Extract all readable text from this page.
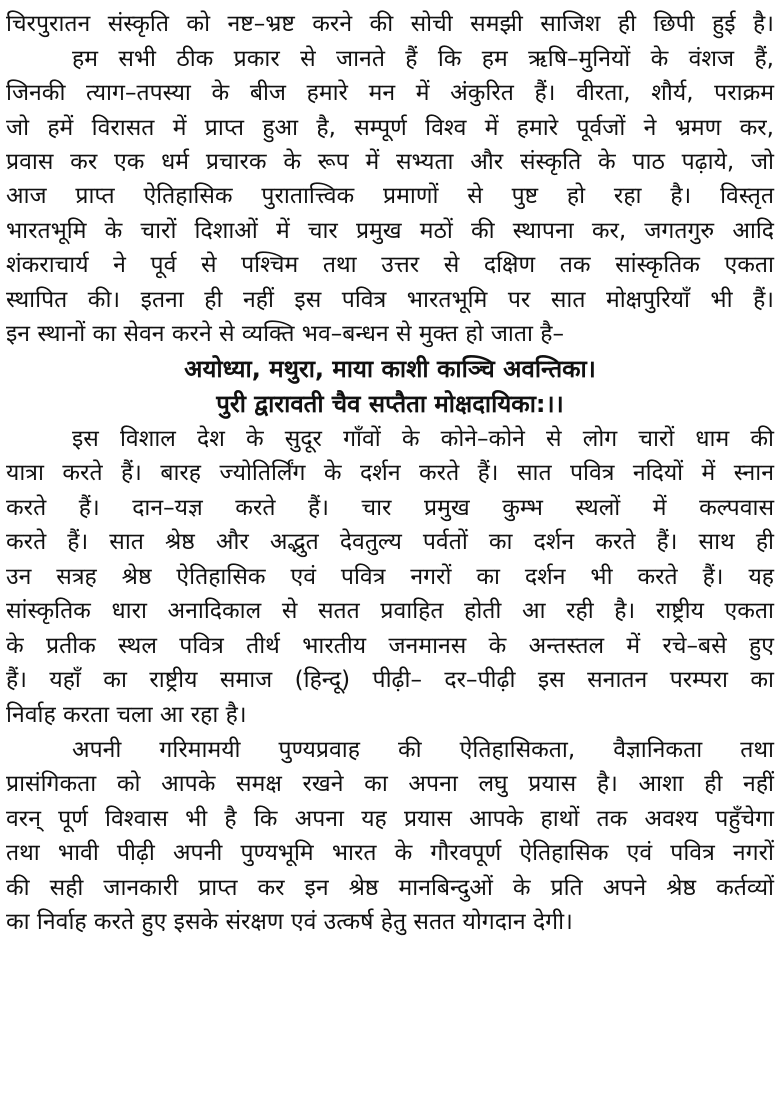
चिरपुरातन संस्कृति को नष्ट–भ्रष्ट करने की सोची समझी साजिश ही छिपी हुई है।
हम सभी ठीक प्रकार से जानते हैं कि हम ऋषि–मुनियों के वंशज हैं,
जिनकी त्याग–तपस्या के बीज हमारे मन में अंकुरित हैं। वीरता, शौर्य, पराक्रम
जो हमें विरासत में प्राप्त हुआ है, सम्पूर्ण विश्व में हमारे पूर्वजों ने भ्रमण कर,
प्रवास कर एक धर्म प्रचारक के रूप में सभ्यता और संस्कृति के पाठ पढ़ाये, जो
आज प्राप्त ऐतिहासिक पुरातात्त्विक प्रमाणों से पुष्ट हो रहा है। विस्तृत
भारतभूमि के चारों दिशाओं में चार प्रमुख मठों की स्थापना कर, जगतगुरु आदि
शंकराचार्य ने पूर्व से पश्चिम तथा उत्तर से दक्षिण तक सांस्कृतिक एकता
स्थापित की। इतना ही नहीं इस पवित्र भारतभूमि पर सात मोक्षपुरियाँ भी हैं।
इन स्थानों का सेवन करने से व्यक्ति भव–बन्धन से मुक्त हो जाता है–
अयोध्या, मथुरा, माया काशी काञ्चि अवन्तिका।
पुरी द्वारावती चैव सप्तैता मोक्षदायिका:।।
इस विशाल देश के सुदूर गाँवों के कोने–कोने से लोग चारों धाम की
यात्रा करते हैं। बारह ज्योतिर्लिंग के दर्शन करते हैं। सात पवित्र नदियों में स्नान
करते हैं। दान–यज्ञ करते हैं। चार प्रमुख कुम्भ स्थलों में कल्पवास
करते हैं। सात श्रेष्ठ और अद्भुत देवतुल्य पर्वतों का दर्शन करते हैं। साथ ही
उन सत्रह श्रेष्ठ ऐतिहासिक एवं पवित्र नगरों का दर्शन भी करते हैं। यह
सांस्कृतिक धारा अनादिकाल से सतत प्रवाहित होती आ रही है। राष्ट्रीय एकता
के प्रतीक स्थल पवित्र तीर्थ भारतीय जनमानस के अन्तस्तल में रचे–बसे हुए
हैं। यहाँ का राष्ट्रीय समाज (हिन्दू) पीढ़ी– दर–पीढ़ी इस सनातन परम्परा का
निर्वाह करता चला आ रहा है।
अपनी गरिमामयी पुण्यप्रवाह की ऐतिहासिकता, वैज्ञानिकता तथा
प्रासंगिकता को आपके समक्ष रखने का अपना लघु प्रयास है। आशा ही नहीं
वरन् पूर्ण विश्वास भी है कि अपना यह प्रयास आपके हाथों तक अवश्य पहुँचेगा
तथा भावी पीढ़ी अपनी पुण्यभूमि भारत के गौरवपूर्ण ऐतिहासिक एवं पवित्र नगरों
की सही जानकारी प्राप्त कर इन श्रेष्ठ मानबिन्दुओं के प्रति अपने श्रेष्ठ कर्तव्यों
का निर्वाह करते हुए इसके संरक्षण एवं उत्कर्ष हेतु सतत योगदान देगी।
